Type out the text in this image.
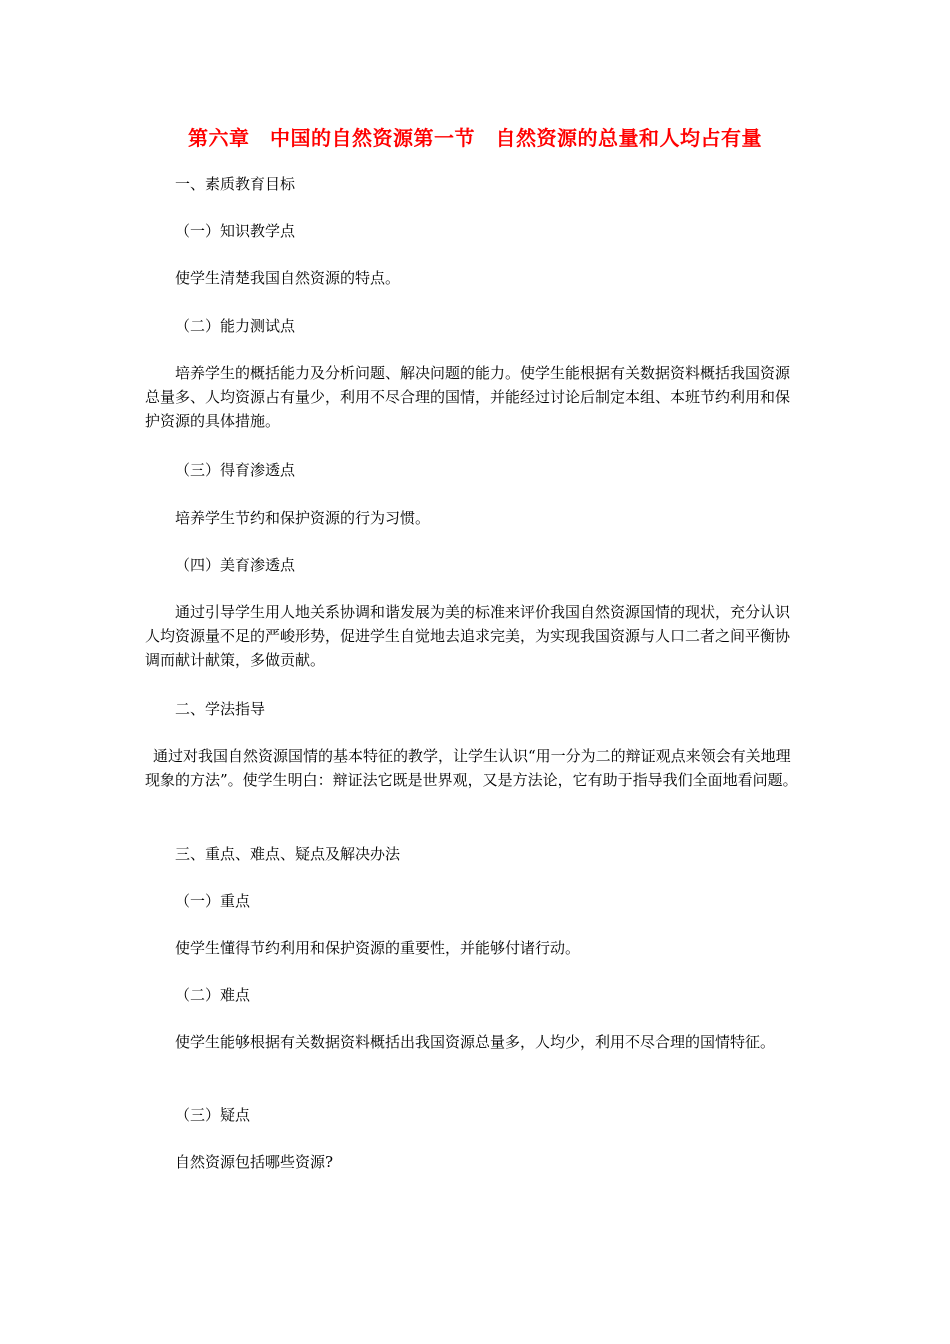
第六章　中国的自然资源第一节　自然资源的总量和人均占有量
一、素质教育目标
（一）知识教学点
使学生清楚我国自然资源的特点。
（二）能力测试点
培养学生的概括能力及分析问题、解决问题的能力。使学生能根据有关数据资料概括我国资源总量多、人均资源占有量少，利用不尽合理的国情，并能经过讨论后制定本组、本班节约利用和保护资源的具体措施。
（三）得育渗透点
培养学生节约和保护资源的行为习惯。
（四）美育渗透点
通过引导学生用人地关系协调和谐发展为美的标准来评价我国自然资源国情的现状，充分认识人均资源量不足的严峻形势，促进学生自觉地去追求完美，为实现我国资源与人口二者之间平衡协调而献计献策，多做贡献。
二、学法指导
通过对我国自然资源国情的基本特征的教学，让学生认识“用一分为二的辩证观点来领会有关地理现象的方法”。使学生明白：辩证法它既是世界观，又是方法论，它有助于指导我们全面地看问题。
三、重点、难点、疑点及解决办法
（一）重点
使学生懂得节约利用和保护资源的重要性，并能够付诸行动。
（二）难点
使学生能够根据有关数据资料概括出我国资源总量多，人均少，利用不尽合理的国情特征。
（三）疑点
自然资源包括哪些资源?
